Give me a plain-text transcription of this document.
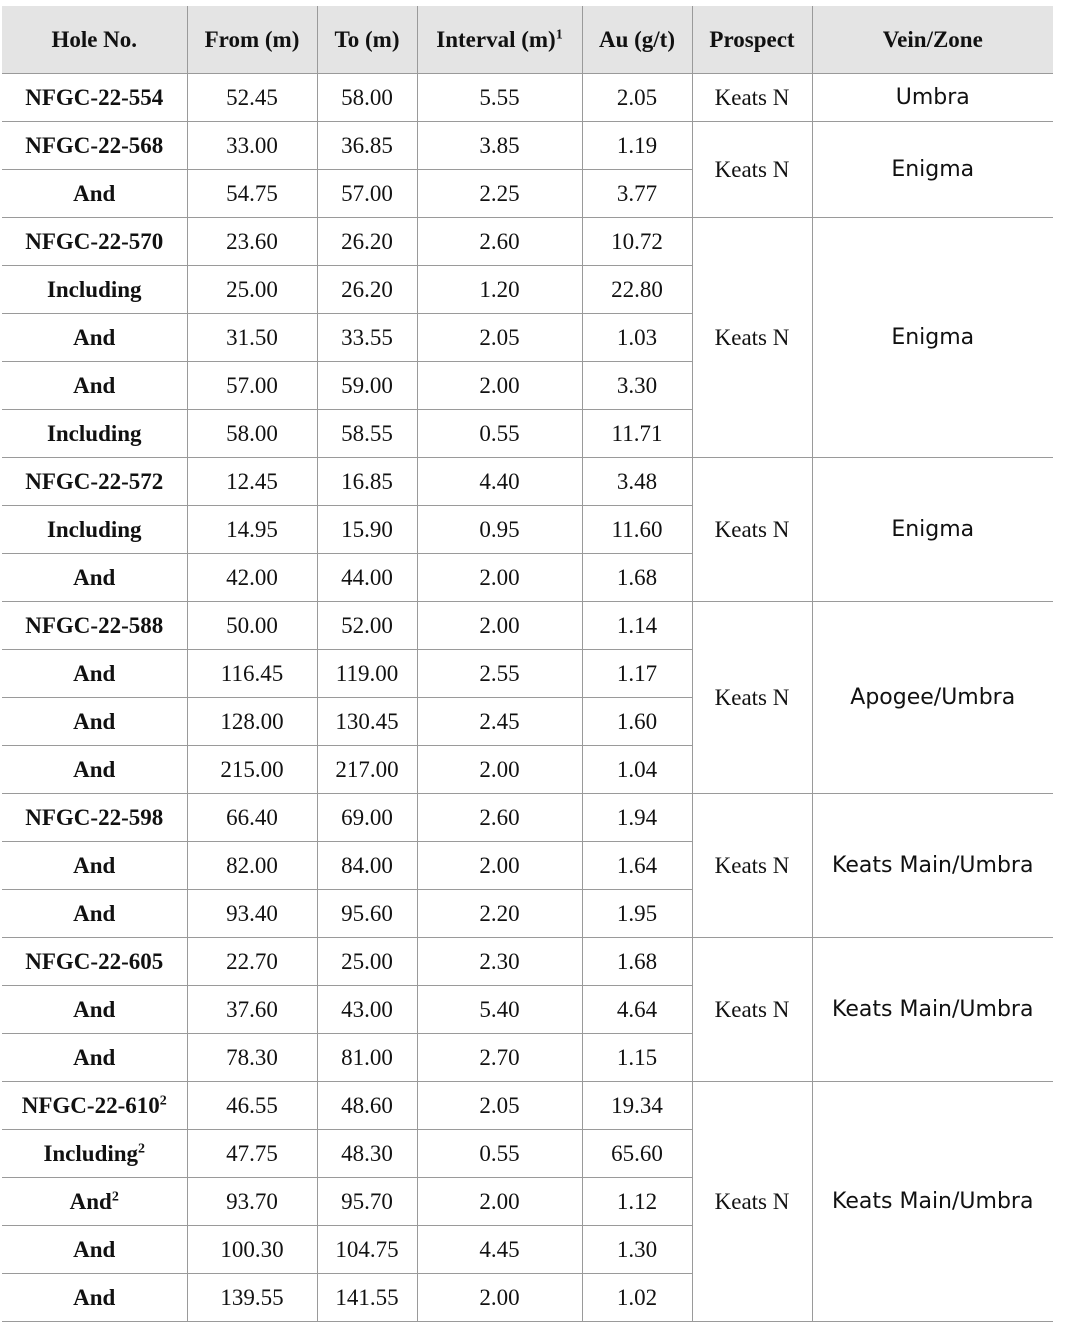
Hole No.	From (m)	To (m)	Interval $(m)^1$	Au (g/t)	Prospect	Vein/Zone
NFGC-22-554	52.45	58.00	5.55	2.05	Keats N	Umbra
NFGC-22-568	33.00	36.85	3.85	1.19	Keats N	Enigma
And	54.75	57.00	2.25	3.77		
NFGC-22-570	23.60	26.20	2.60	10.72	Keats N	Enigma
Including	25.00	26.20	1.20	22.80		
And	31.50	33.55	2.05	1.03		
And	57.00	59.00	2.00	3.30		
Including	58.00	58.55	0.55	11.71		
NFGC-22-572	12.45	16.85	4.40	3.48	Keats N	Enigma
Including	14.95	15.90	0.95	11.60		
And	42.00	44.00	2.00	1.68		
NFGC-22-588	50.00	52.00	2.00	1.14	Keats N	Apogee/Umbra
And	116.45	119.00	2.55	1.17		
And	128.00	130.45	2.45	1.60		
And	215.00	217.00	2.00	1.04		
NFGC-22-598	66.40	69.00	2.60	1.94	Keats N	Keats Main/Umbra
And	82.00	84.00	2.00	1.64		
And	93.40	95.60	2.20	1.95		
NFGC-22-605	22.70	25.00	2.30	1.68	Keats N	Keats Main/Umbra
And	37.60	43.00	5.40	4.64		
And	78.30	81.00	2.70	1.15		
NFGC-$22-610^2$	46.55	48.60	2.05	19.34	Keats N	Keats Main/Umbra
Including$^2$	47.75	48.30	0.55	65.60		
And$^2$	93.70	95.70	2.00	1.12		
And	100.30	104.75	4.45	1.30		
And	139.55	141.55	2.00	1.02		
